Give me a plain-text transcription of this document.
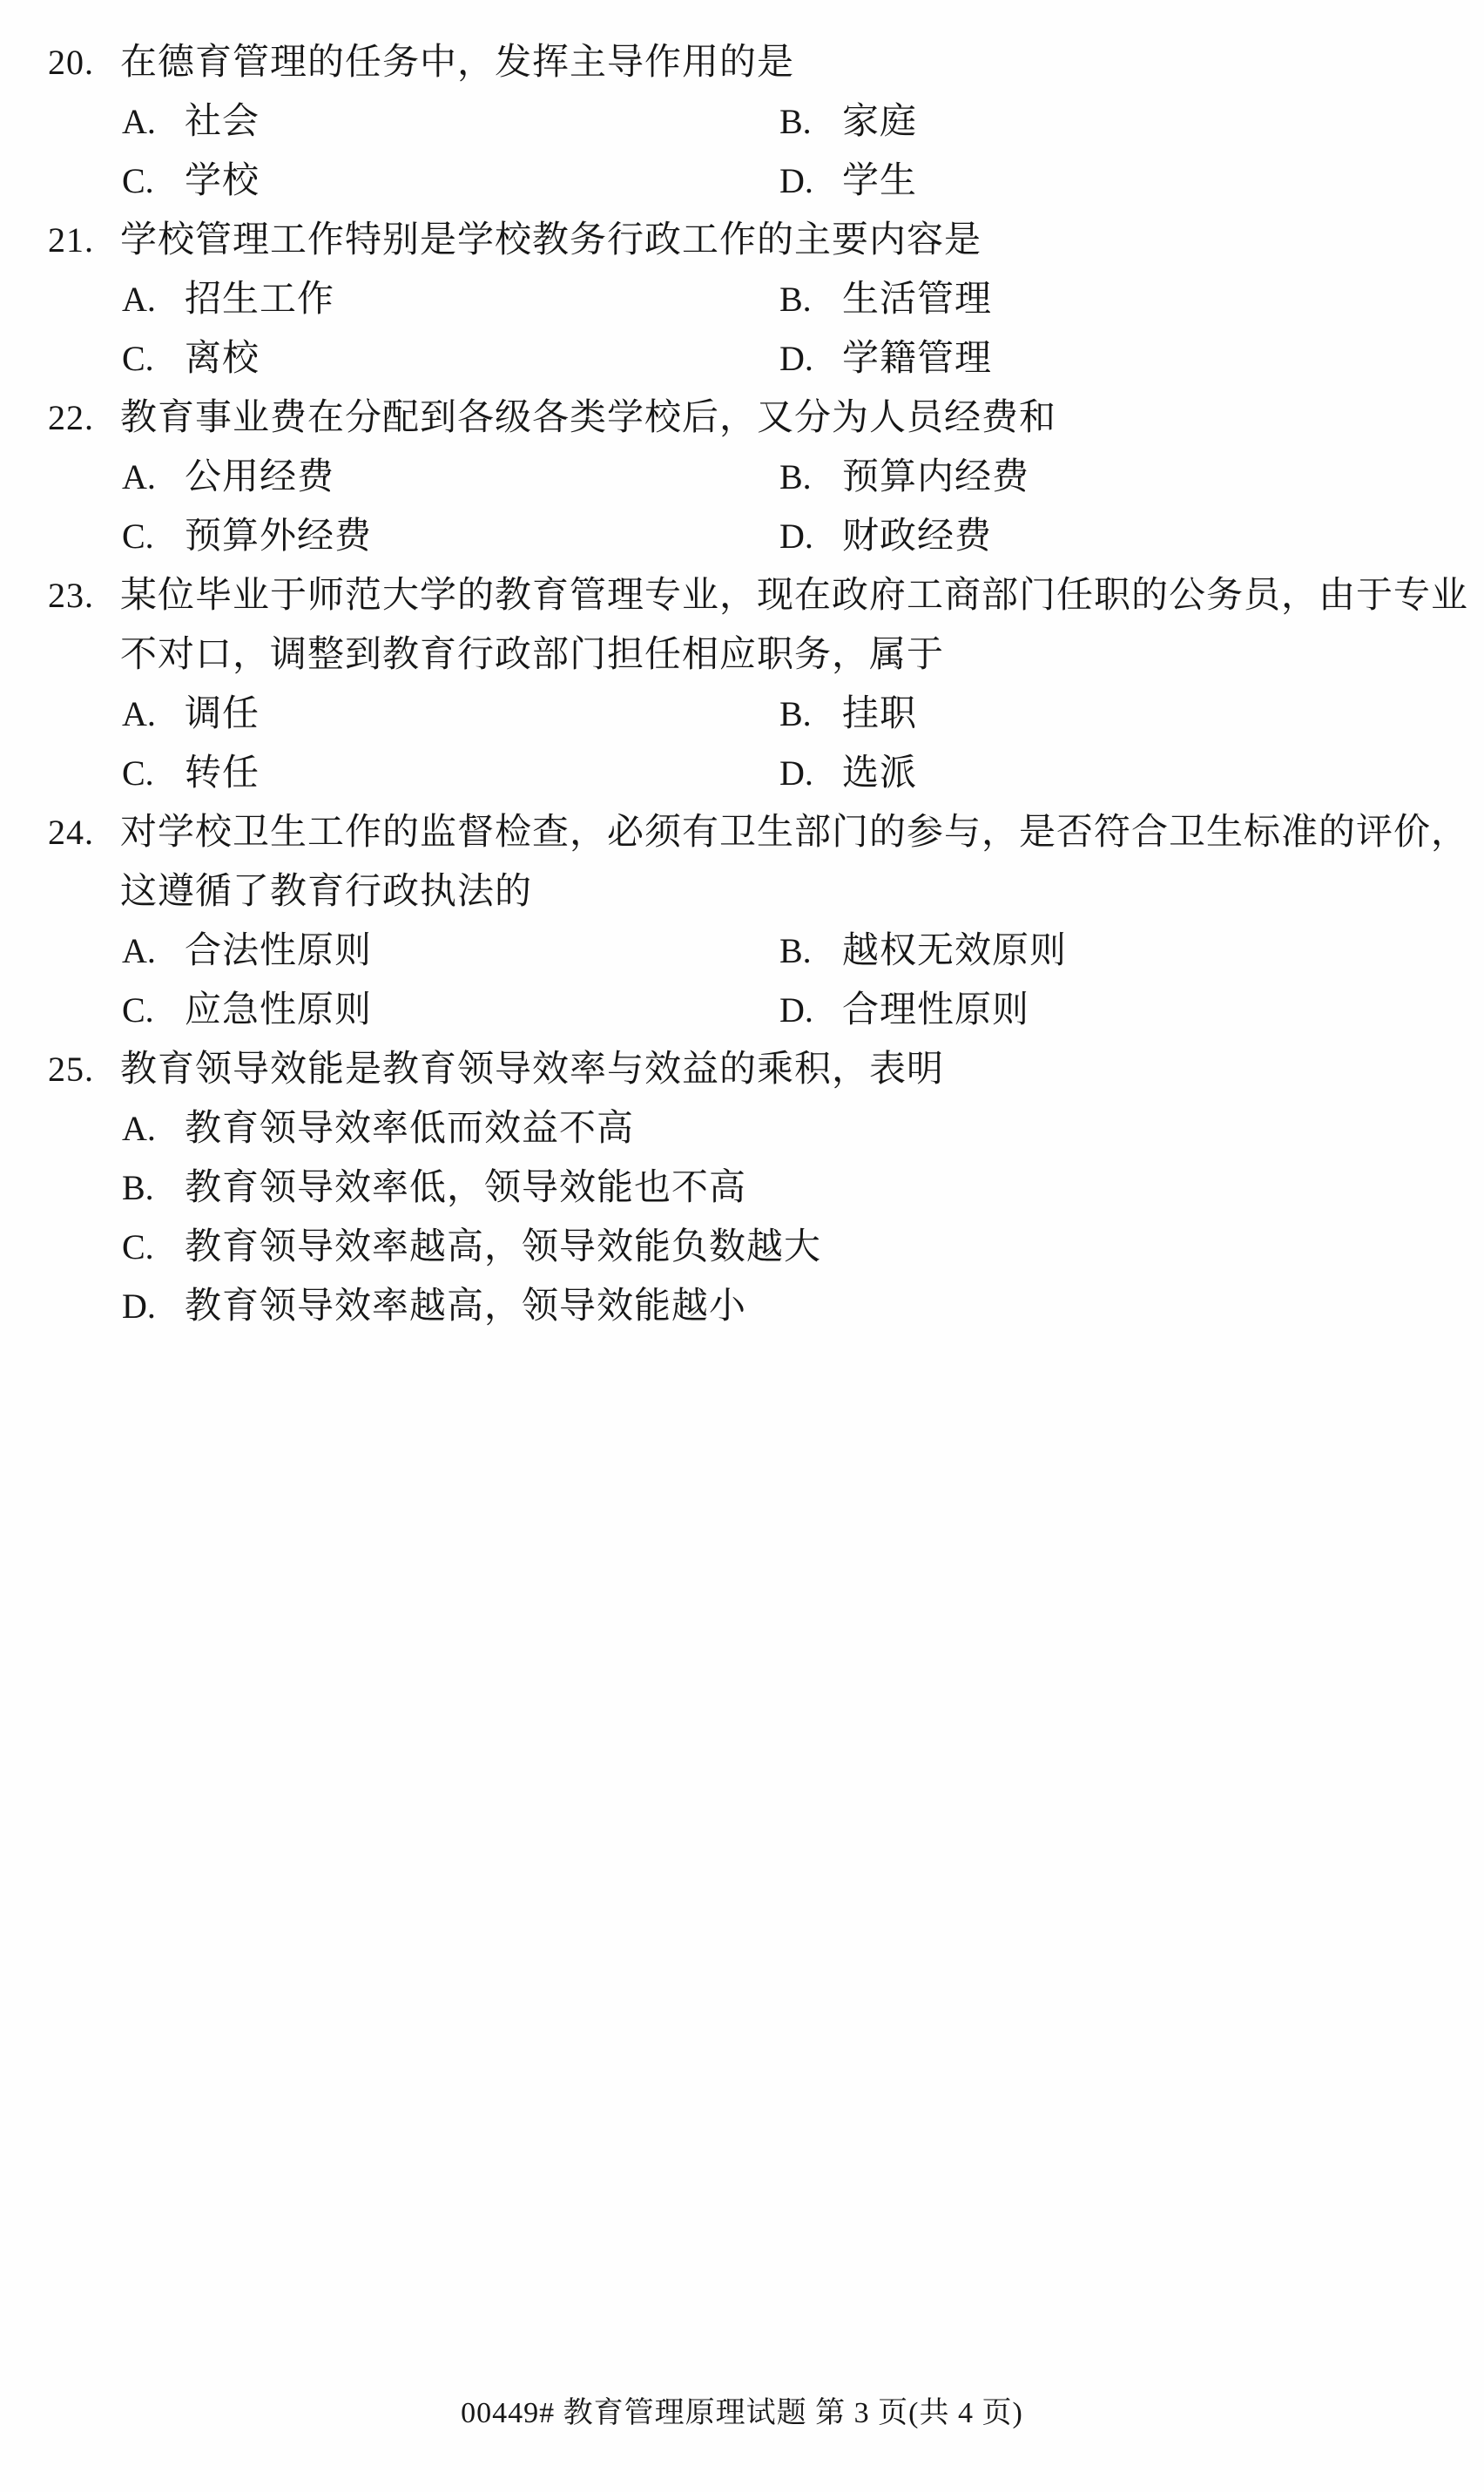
20. 在德育管理的任务中，发挥主导作用的是
A. 社会	B. 家庭
C. 学校	D. 学生
21. 学校管理工作特别是学校教务行政工作的主要内容是
A. 招生工作	B. 生活管理
C. 离校	D. 学籍管理
22. 教育事业费在分配到各级各类学校后，又分为人员经费和
A. 公用经费	B. 预算内经费
C. 预算外经费	D. 财政经费
23. 某位毕业于师范大学的教育管理专业，现在政府工商部门任职的公务员，由于专业
不对口，调整到教育行政部门担任相应职务，属于
A. 调任	B. 挂职
C. 转任	D. 选派
24. 对学校卫生工作的监督检查，必须有卫生部门的参与，是否符合卫生标准的评价，
这遵循了教育行政执法的
A. 合法性原则	B. 越权无效原则
C. 应急性原则	D. 合理性原则
25. 教育领导效能是教育领导效率与效益的乘积，表明
A. 教育领导效率低而效益不高
B. 教育领导效率低，领导效能也不高
C. 教育领导效率越高，领导效能负数越大
D. 教育领导效率越高，领导效能越小
00449# 教育管理原理试题 第 3 页(共 4 页)
